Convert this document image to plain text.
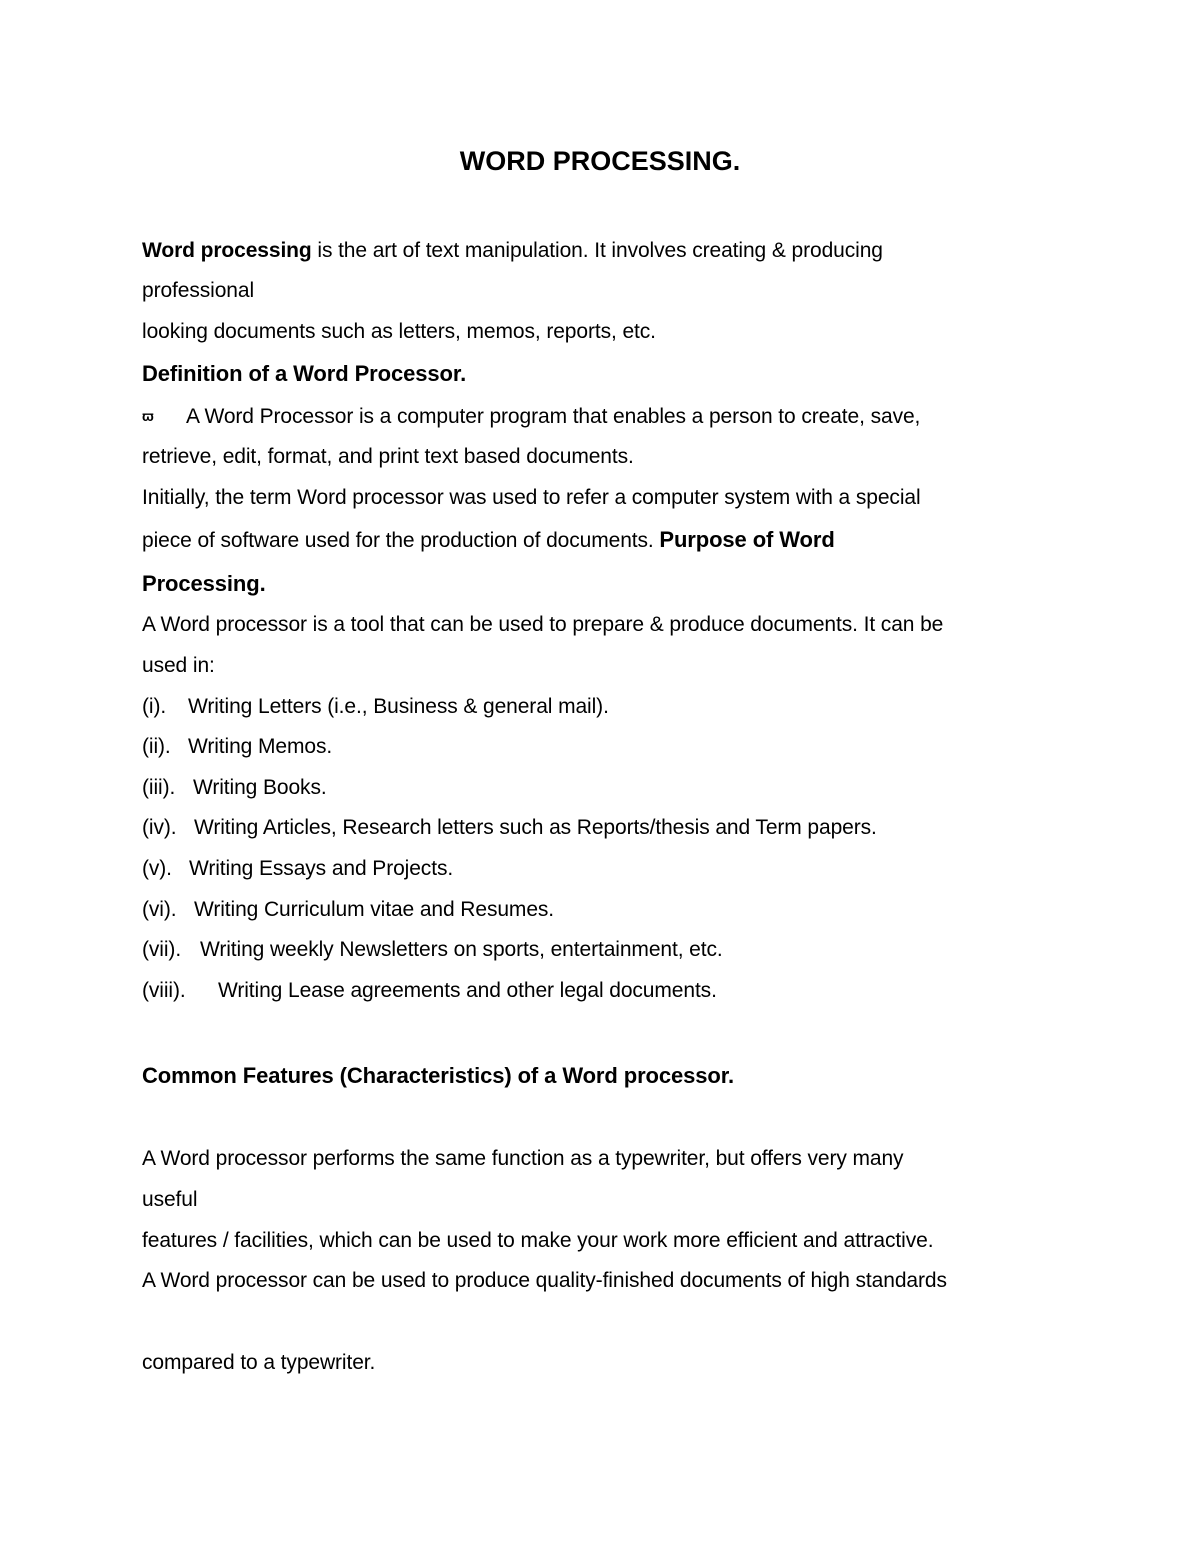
WORD PROCESSING.
Word processing is the art of text manipulation. It involves creating & producing
professional
looking documents such as letters, memos, reports, etc.
Definition of a Word Processor.
ϖ A Word Processor is a computer program that enables a person to create, save,
retrieve, edit, format, and print text based documents.
Initially, the term Word processor was used to refer a computer system with a special
piece of software used for the production of documents. Purpose of Word
Processing.
A Word processor is a tool that can be used to prepare & produce documents. It can be
used in:
(i).Writing Letters (i.e., Business & general mail).
(ii).Writing Memos.
(iii).Writing Books.
(iv).Writing Articles, Research letters such as Reports/thesis and Term papers.
(v).Writing Essays and Projects.
(vi).Writing Curriculum vitae and Resumes.
(vii).Writing weekly Newsletters on sports, entertainment, etc.
(viii). Writing Lease agreements and other legal documents.
Common Features (Characteristics) of a Word processor.
A Word processor performs the same function as a typewriter, but offers very many
useful
features / facilities, which can be used to make your work more efficient and attractive.
A Word processor can be used to produce quality-finished documents of high standards
compared to a typewriter.
